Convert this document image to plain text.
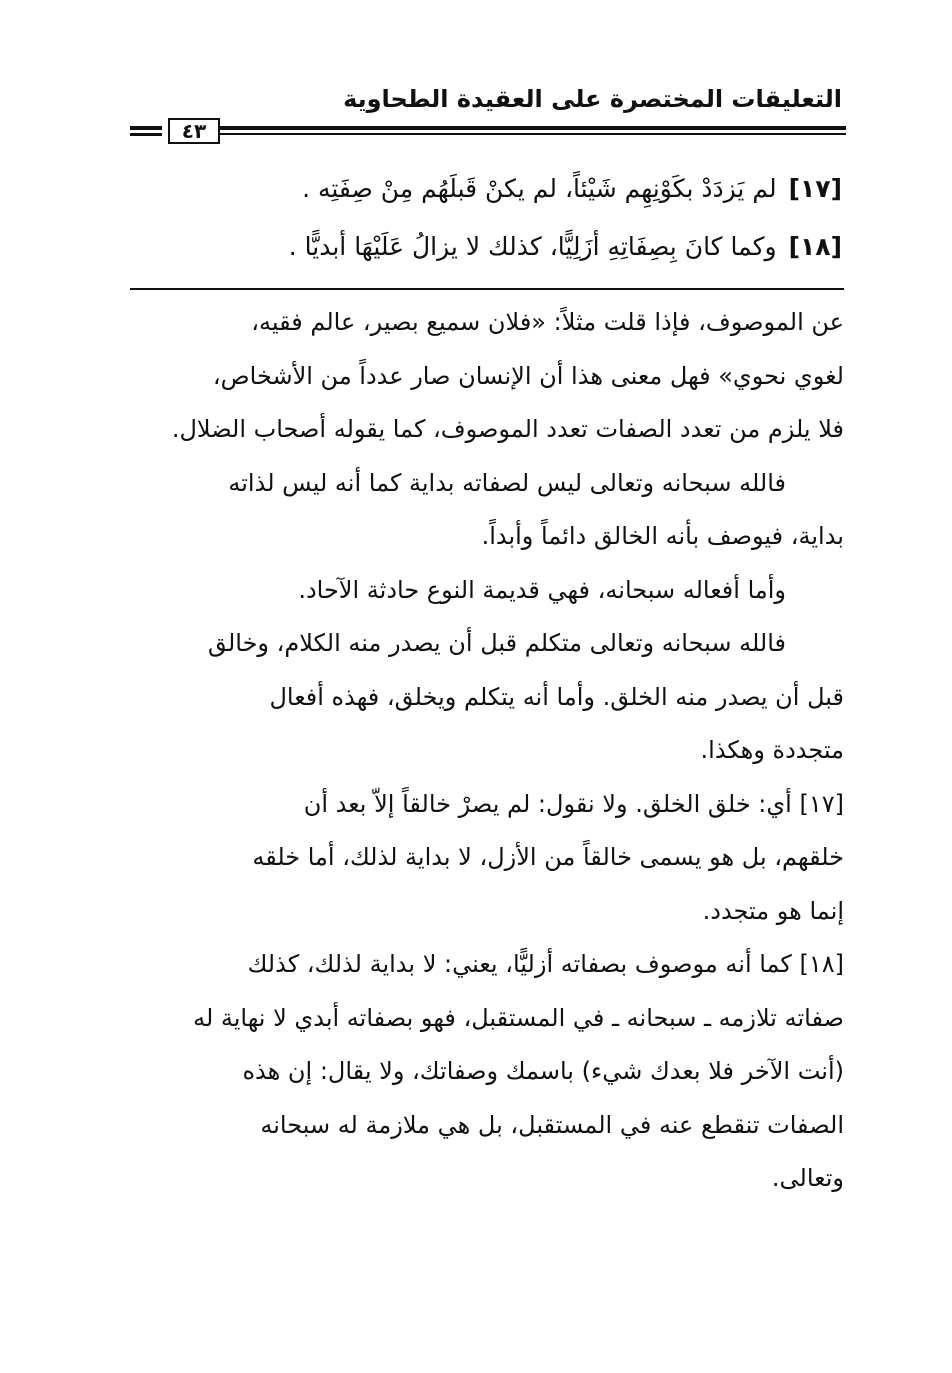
التعليقات المختصرة على العقيدة الطحاوية
٤٣
[١٧]لم يَزدَدْ بكَوْنِهِم شَيْئاً، لم يكنْ قَبلَهُم مِنْ صِفَتِه .
[١٨]وكما كانَ بِصِفَاتِهِ أزَلِيًّا، كذلك لا يزالُ عَلَيْهَا أبديًّا .
عن الموصوف، فإذا قلت مثلاً: «فلان سميع بصير، عالم فقيه،
لغوي نحوي» فهل معنى هذا أن الإنسان صار عدداً من الأشخاص،
فلا يلزم من تعدد الصفات تعدد الموصوف، كما يقوله أصحاب الضلال.
فالله سبحانه وتعالى ليس لصفاته بداية كما أنه ليس لذاته
بداية، فيوصف بأنه الخالق دائماً وأبداً.
وأما أفعاله سبحانه، فهي قديمة النوع حادثة الآحاد.
فالله سبحانه وتعالى متكلم قبل أن يصدر منه الكلام، وخالق
قبل أن يصدر منه الخلق. وأما أنه يتكلم ويخلق، فهذه أفعال
متجددة وهكذا.
[١٧] أي: خلق الخلق. ولا نقول: لم يصرْ خالقاً إلاّ بعد أن
خلقهم، بل هو يسمى خالقاً من الأزل، لا بداية لذلك، أما خلقه
إنما هو متجدد.
[١٨] كما أنه موصوف بصفاته أزليًّا، يعني: لا بداية لذلك، كذلك
صفاته تلازمه ـ سبحانه ـ في المستقبل، فهو بصفاته أبدي لا نهاية له
(أنت الآخر فلا بعدك شيء) باسمك وصفاتك، ولا يقال: إن هذه
الصفات تنقطع عنه في المستقبل، بل هي ملازمة له سبحانه
وتعالى.
